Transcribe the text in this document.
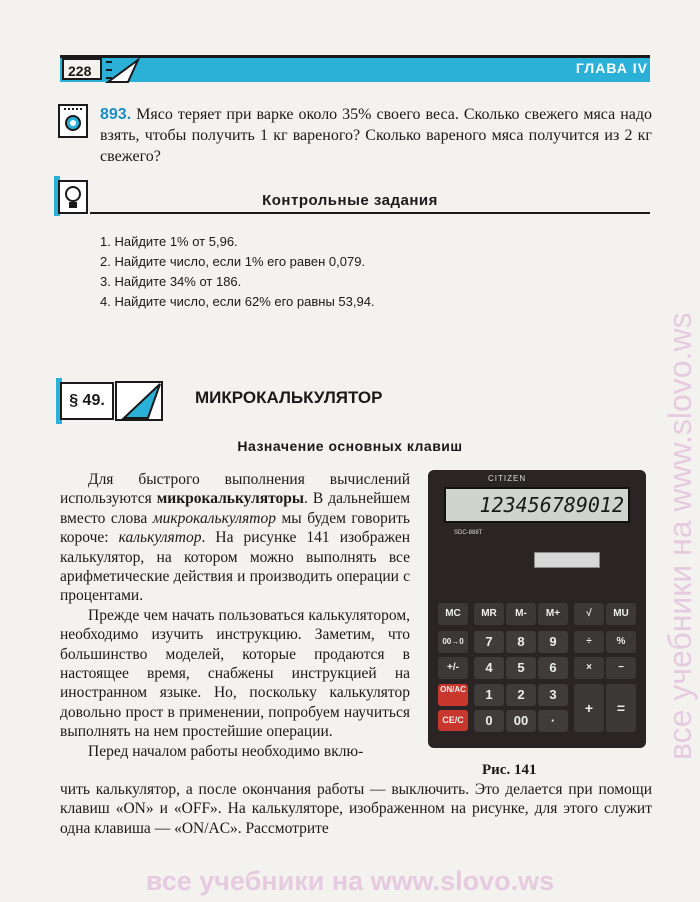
228	ГЛАВА IV
893. Мясо теряет при варке около 35% своего веса. Сколько свежего мяса надо взять, чтобы получить 1 кг вареного? Сколько вареного мяса получится из 2 кг свежего?
Контрольные задания
1. Найдите 1% от 5,96.
2. Найдите число, если 1% его равен 0,079.
3. Найдите 34% от 186.
4. Найдите число, если 62% его равны 53,94.
§ 49.	МИКРОКАЛЬКУЛЯТОР
Назначение основных клавиш

Для быстрого выполнения вычислений используются микрокалькуляторы. В дальнейшем вместо слова микрокалькулятор мы будем говорить короче: калькулятор. На рисунке 141 изображен калькулятор, на котором можно выполнять все арифметические действия и производить операции с процентами.

Прежде чем начать пользоваться калькулятором, необходимо изучить инструкцию. Заметим, что большинство моделей, которые продаются в настоящее время, снабжены инструкцией на иностранном языке. Но, поскольку калькулятор довольно прост в применении, попробуем научиться выполнять на нем простейшие операции.

Перед началом работы необходимо вклю-

CITIZEN
123456789012
SDC-888T
MC	MR	M-	M+	√	MU
00→0	7	8	9	÷	%
+/-	4	5	6	×	−
ON/AC	1	2	3
CE/C	0	00	·
+	=
Рис. 141
чить калькулятор, а после окончания работы — выключить. Это делается при помощи клавиш «ON» и «OFF». На калькуляторе, изображенном на рисунке, для этого служит одна клавиша — «ON/AC». Рассмотрите
все учебники на www.slovo.ws
все учебники на www.slovo.ws
